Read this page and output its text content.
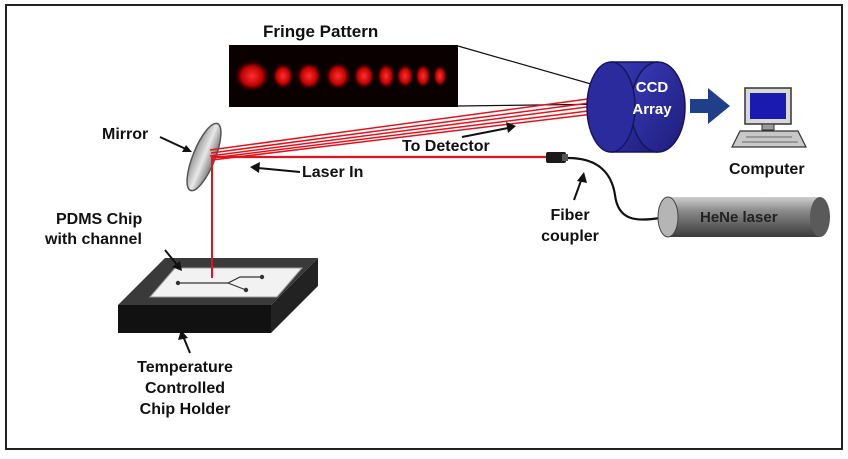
Fringe Pattern
CCD
Array
Computer
Mirror
To Detector
Laser In
PDMS Chip
with channel
Fiber
coupler
HeNe laser
Temperature
Controlled
Chip Holder
